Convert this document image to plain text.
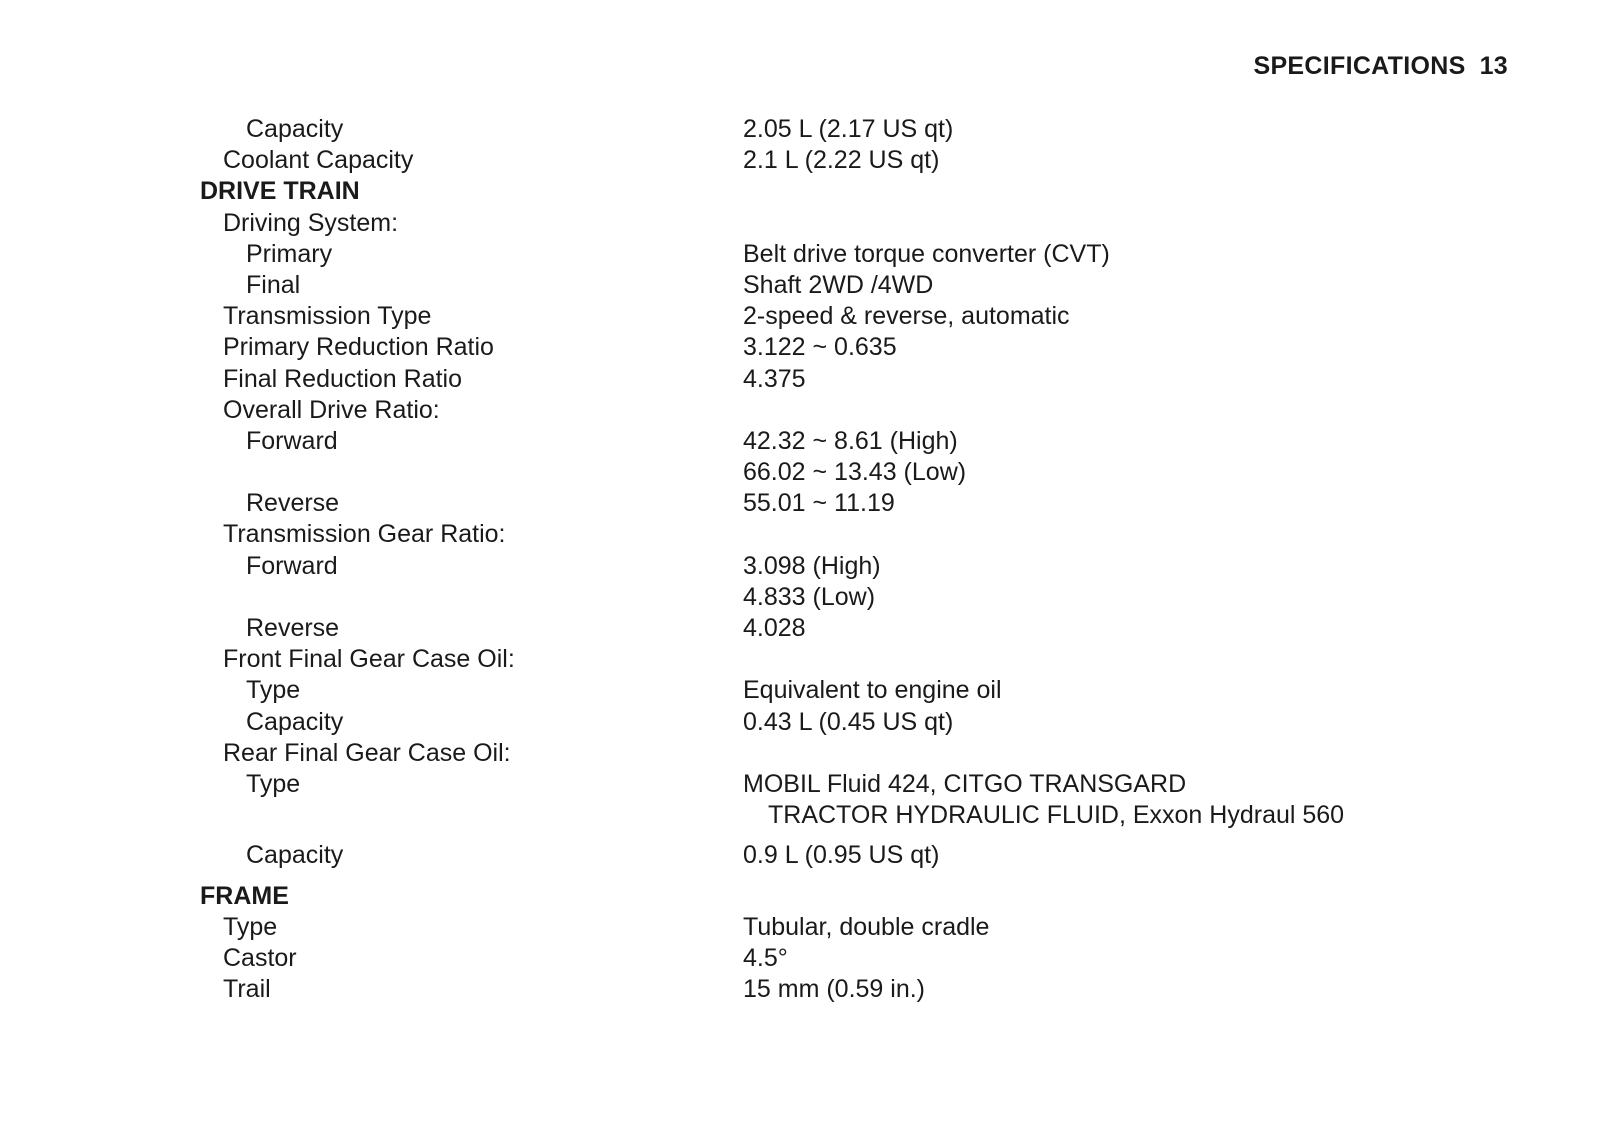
SPECIFICATIONS 13
Capacity	2.05 L (2.17 US qt)
Coolant Capacity	2.1 L (2.22 US qt)
DRIVE TRAIN
Driving System:
Primary	Belt drive torque converter (CVT)
Final	Shaft 2WD /4WD
Transmission Type	2-speed & reverse, automatic
Primary Reduction Ratio	3.122 ~ 0.635
Final Reduction Ratio	4.375
Overall Drive Ratio:
Forward	42.32 ~ 8.61 (High)
66.02 ~ 13.43 (Low)
Reverse	55.01 ~ 11.19
Transmission Gear Ratio:
Forward	3.098 (High)
4.833 (Low)
Reverse	4.028
Front Final Gear Case Oil:
Type	Equivalent to engine oil
Capacity	0.43 L (0.45 US qt)
Rear Final Gear Case Oil:
Type	MOBIL Fluid 424, CITGO TRANSGARD
TRACTOR HYDRAULIC FLUID, Exxon Hydraul 560
Capacity	0.9 L (0.95 US qt)
FRAME
Type	Tubular, double cradle
Castor	4.5°
Trail	15 mm (0.59 in.)
